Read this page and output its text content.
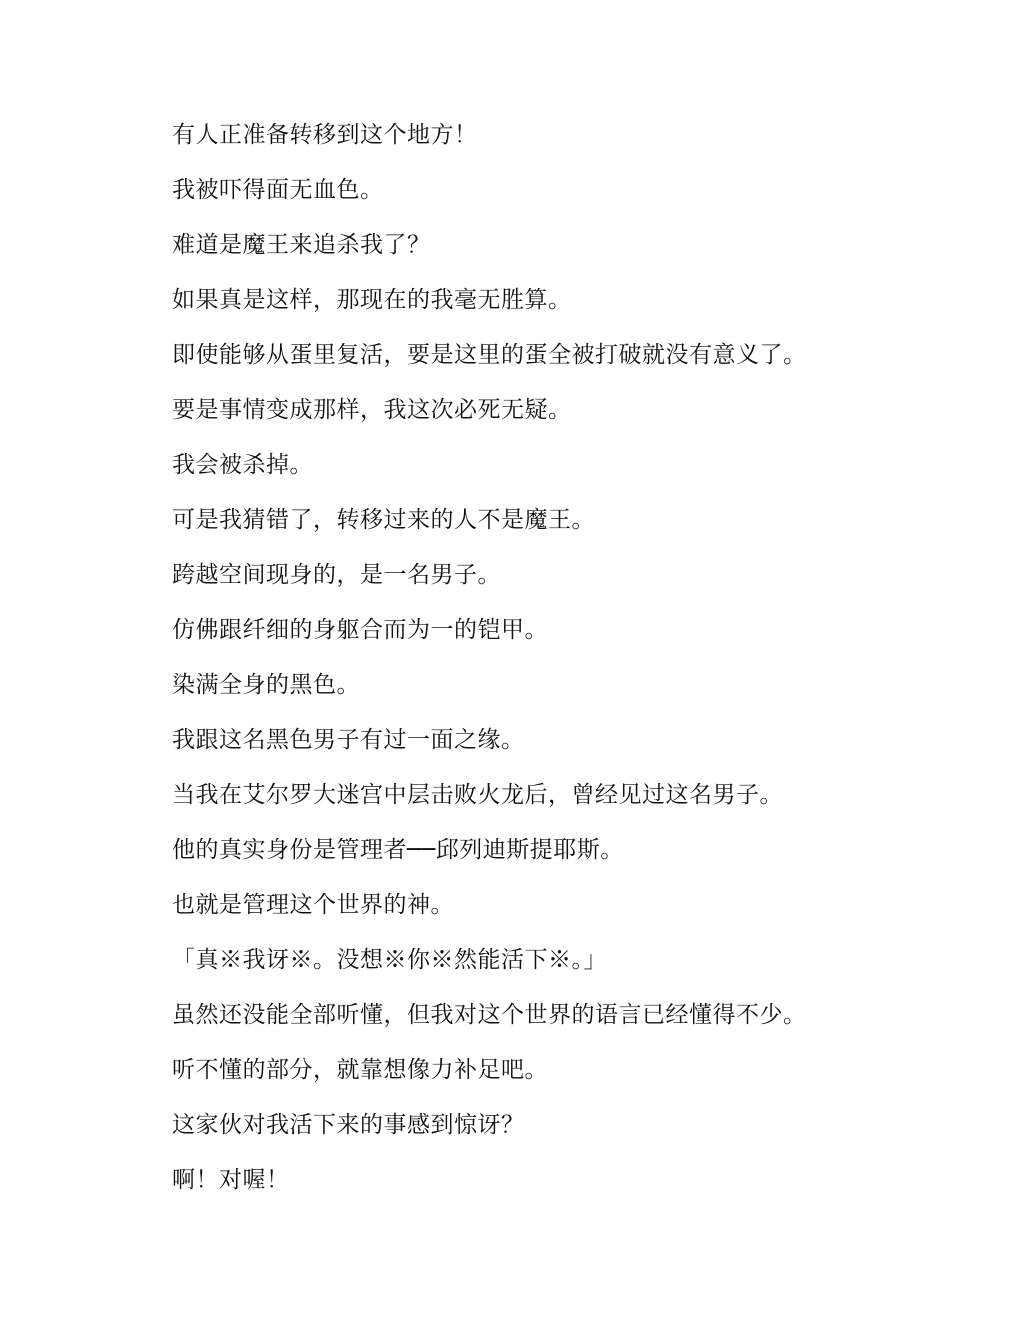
有人正准备转移到这个地方！

我被吓得面无血色。

难道是魔王来追杀我了？

如果真是这样，那现在的我毫无胜算。

即使能够从蛋里复活，要是这里的蛋全被打破就没有意义了。

要是事情变成那样，我这次必死无疑。

我会被杀掉。

可是我猜错了，转移过来的人不是魔王。

跨越空间现身的，是一名男子。

仿佛跟纤细的身躯合而为一的铠甲。

染满全身的黑色。

我跟这名黑色男子有过一面之缘。

当我在艾尔罗大迷宫中层击败火龙后，曾经见过这名男子。

他的真实身份是管理者──邱列迪斯提耶斯。

也就是管理这个世界的神。

「真※我讶※。没想※你※然能活下※。」

虽然还没能全部听懂，但我对这个世界的语言已经懂得不少。

听不懂的部分，就靠想像力补足吧。

这家伙对我活下来的事感到惊讶？

啊！对喔！
